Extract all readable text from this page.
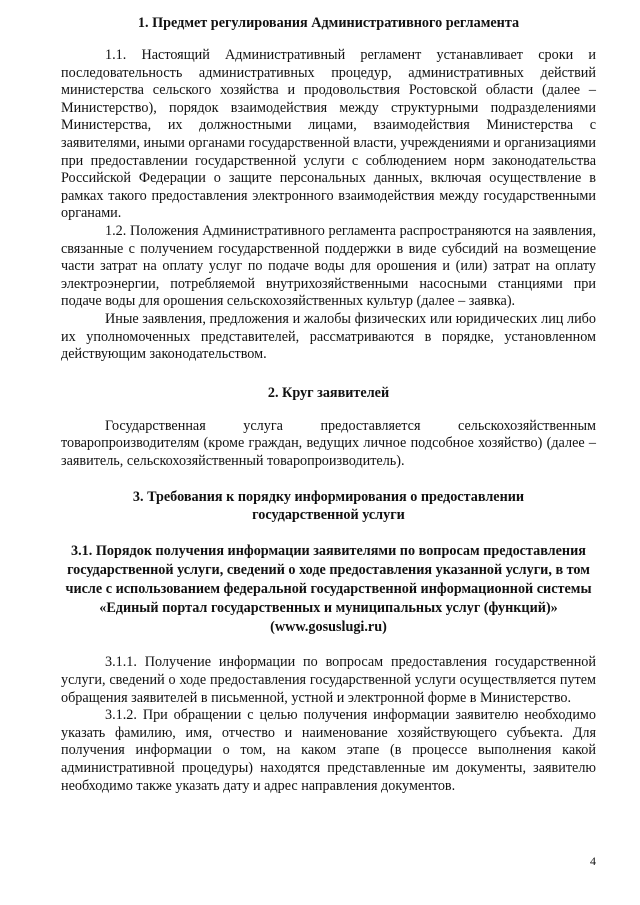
1. Предмет регулирования Административного регламента

1.1. Настоящий Административный регламент устанавливает сроки и последовательность административных процедур, административных действий министерства сельского хозяйства и продовольствия Ростовской области (далее – Министерство), порядок взаимодействия между структурными подразделениями Министерства, их должностными лицами, взаимодействия Министерства с заявителями, иными органами государственной власти, учреждениями и организациями при предоставлении государственной услуги с соблюдением норм законодательства Российской Федерации о защите персональных данных, включая осуществление в рамках такого предоставления электронного взаимодействия между государственными органами.

1.2. Положения Административного регламента распространяются на заявления, связанные с получением государственной поддержки в виде субсидий на возмещение части затрат на оплату услуг по подаче воды для орошения и (или) затрат на оплату электроэнергии, потребляемой внутрихозяйственными насосными станциями при подаче воды для орошения сельскохозяйственных культур (далее – заявка).

Иные заявления, предложения и жалобы физических или юридических лиц либо их уполномоченных представителей, рассматриваются в порядке, установленном действующим законодательством.

2. Круг заявителей

Государственная услуга предоставляется сельскохозяйственным товаропроизводителям (кроме граждан, ведущих личное подсобное хозяйство) (далее – заявитель, сельскохозяйственный товаропроизводитель).

3. Требования к порядку информирования о предоставлении
государственной услуги
3.1. Порядок получения информации заявителями по вопросам предоставления государственной услуги, сведений о ходе предоставления указанной услуги, в том числе с использованием федеральной государственной информационной системы «Единый портал государственных и муниципальных услуг (функций)» (www.gosuslugi.ru)

3.1.1. Получение информации по вопросам предоставления государственной услуги, сведений о ходе предоставления государственной услуги осуществляется путем обращения заявителей в письменной, устной и электронной форме в Министерство.

3.1.2. При обращении с целью получения информации заявителю необходимо указать фамилию, имя, отчество и наименование хозяйствующего субъекта. Для получения информации о том, на каком этапе (в процессе выполнения какой административной процедуры) находятся представленные им документы, заявителю необходимо также указать дату и адрес направления документов.

4
